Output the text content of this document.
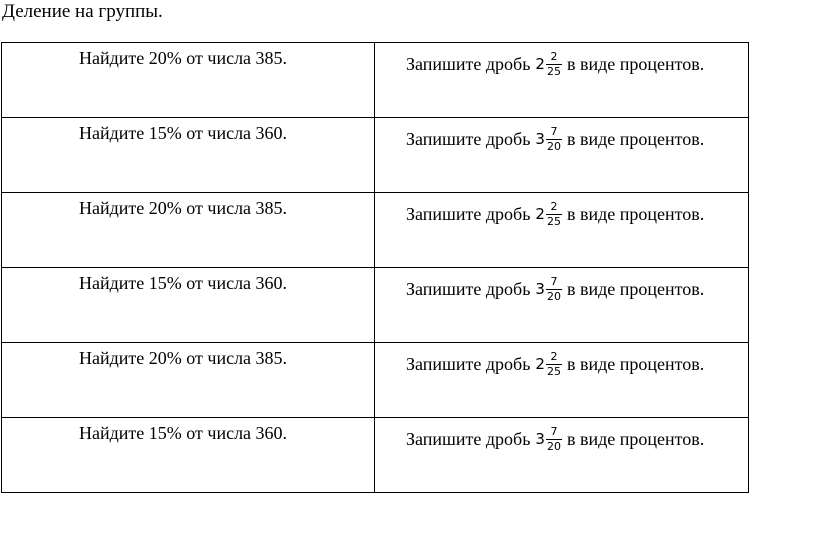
Деление на группы.
Найдите 20% от числа 385.	Запишите дробь $2 \frac{2}{25}$ в виде процентов.

Найдите 15% от числа 360.	Запишите дробь $3 \frac{7}{20}$ в виде процентов.

Найдите 20% от числа 385.	Запишите дробь $2 \frac{2}{25}$ в виде процентов.

Найдите 15% от числа 360.	Запишите дробь $3 \frac{7}{20}$ в виде процентов.

Найдите 20% от числа 385.	Запишите дробь $2 \frac{2}{25}$ в виде процентов.

Найдите 15% от числа 360.	Запишите дробь $3 \frac{7}{20}$ в виде процентов.
